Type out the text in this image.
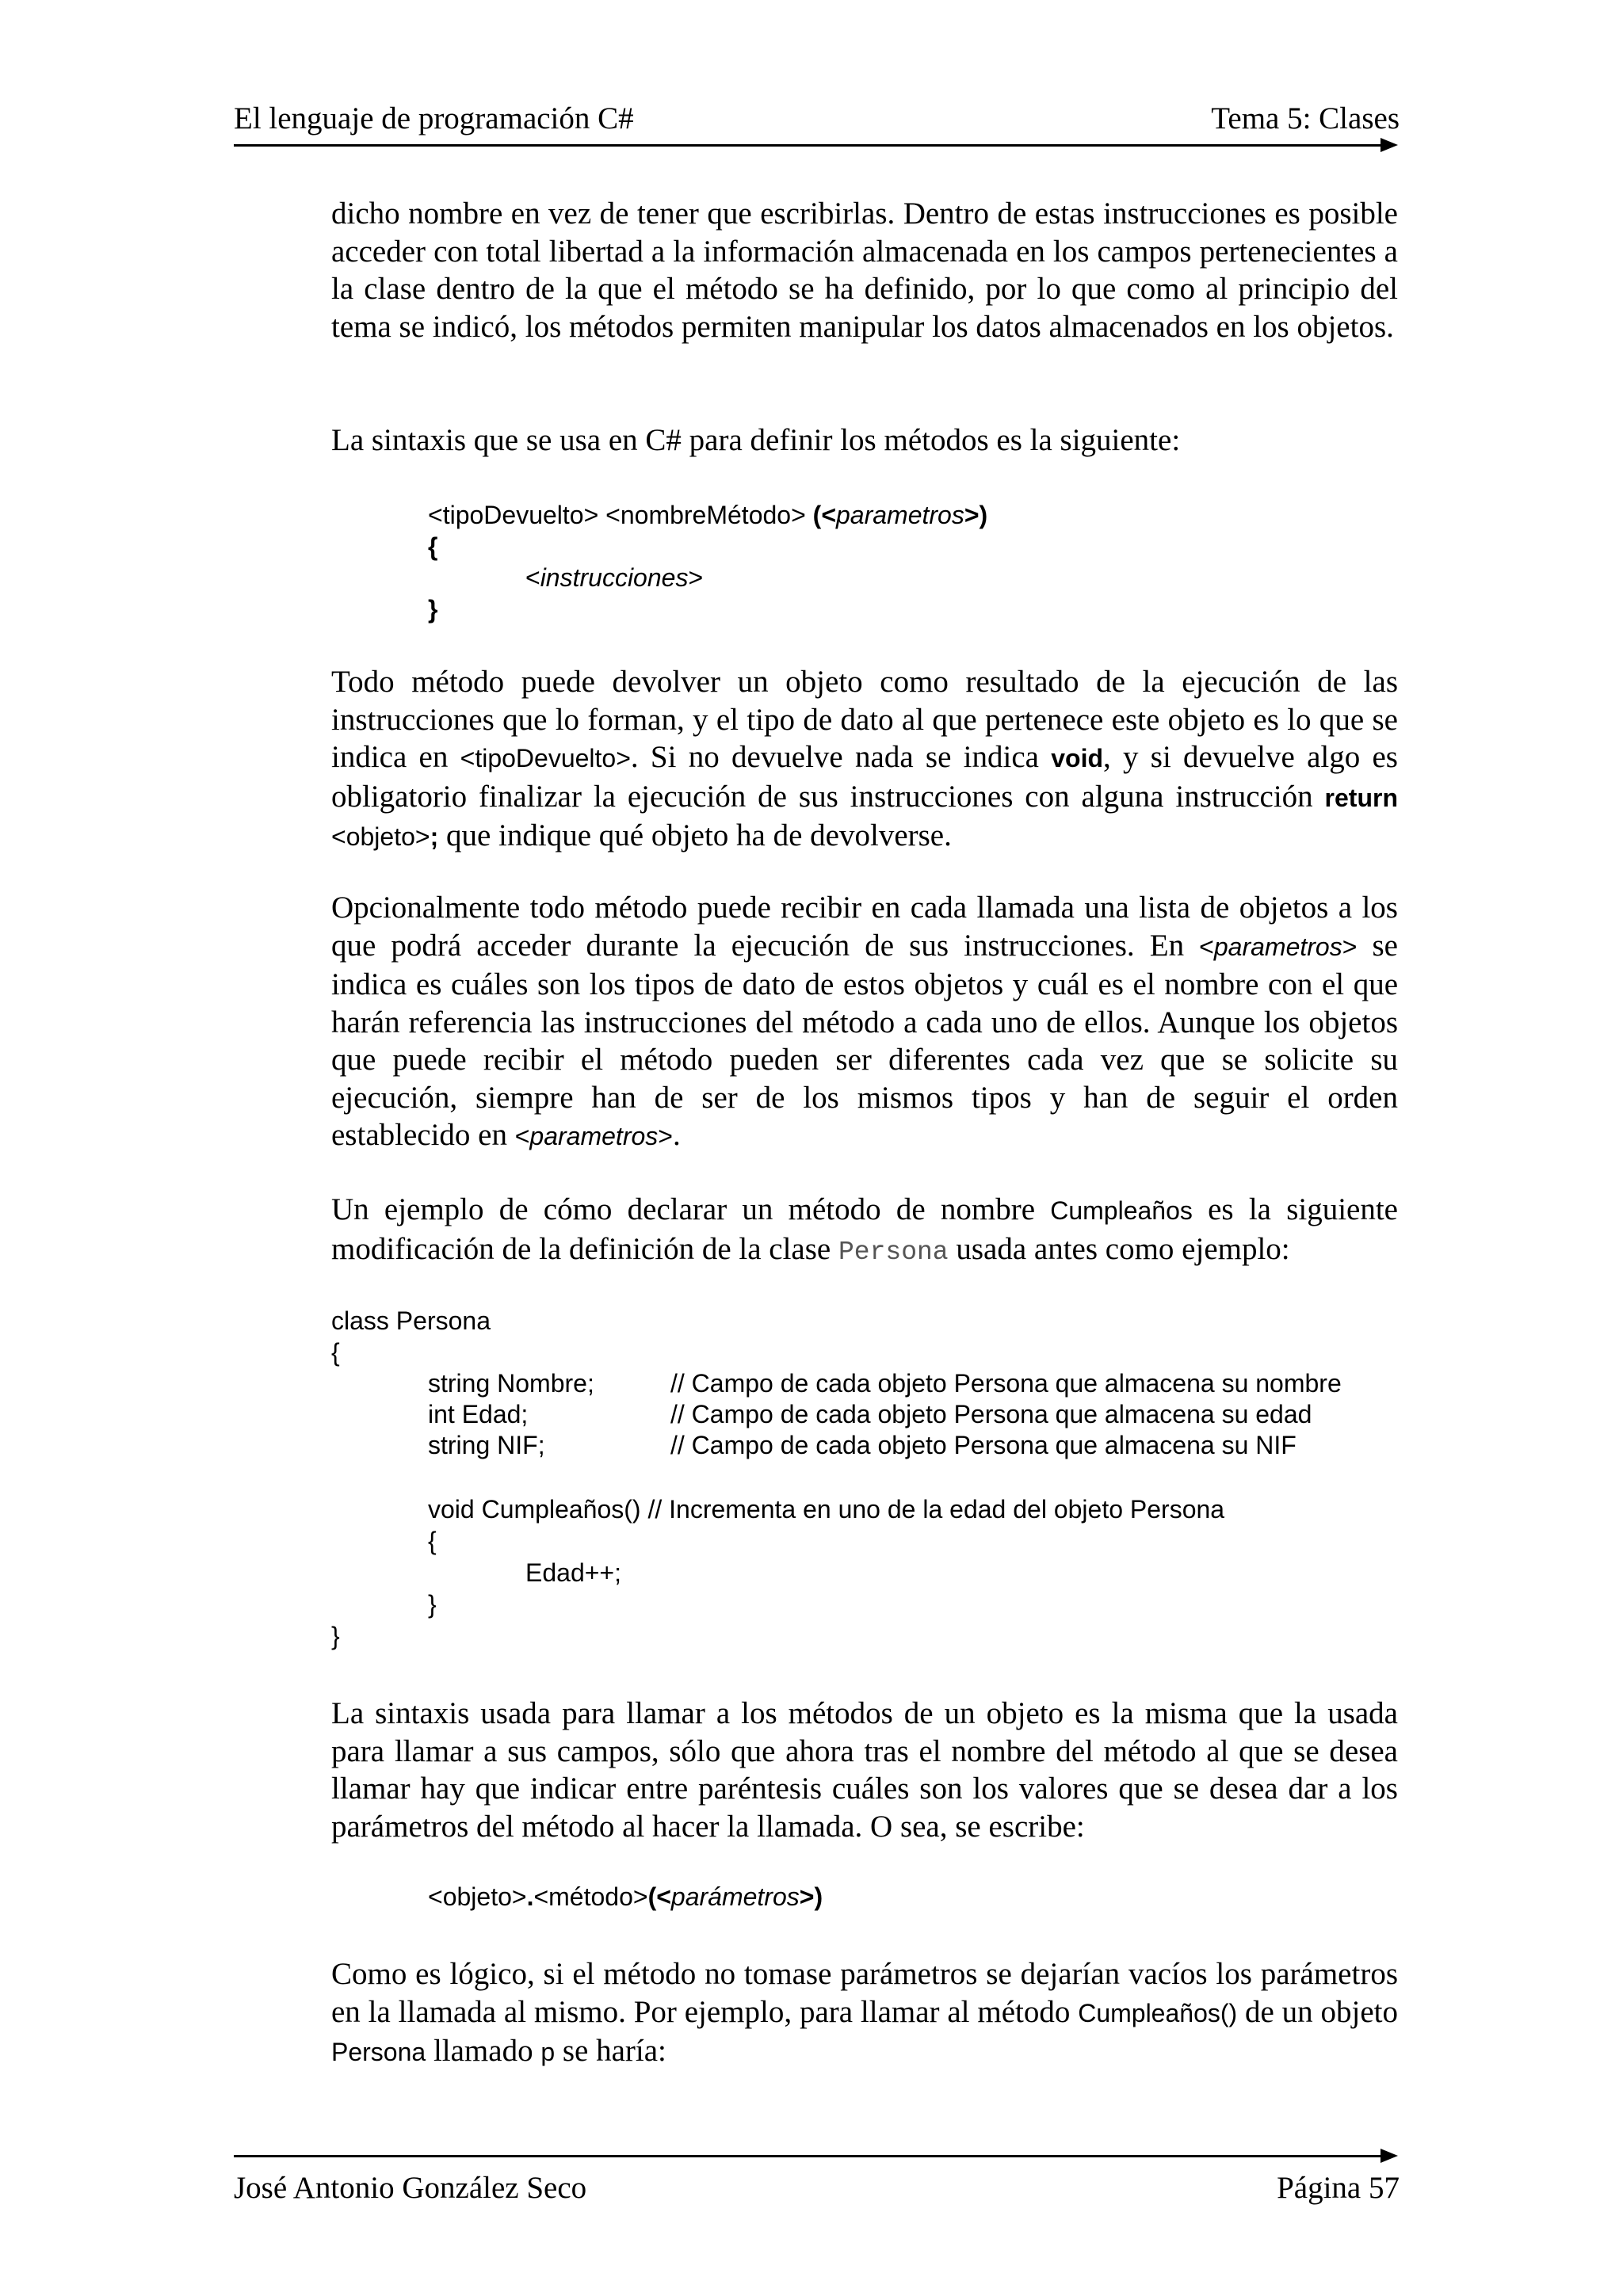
El lenguaje de programación C#	Tema 5: Clases

dicho nombre en vez de tener que escribirlas. Dentro de estas instrucciones es posible acceder con total libertad a la información almacenada en los campos pertenecientes a la clase dentro de la que el método se ha definido, por lo que como al principio del tema se indicó, los métodos permiten manipular los datos almacenados en los objetos.

La sintaxis que se usa en C# para definir los métodos es la siguiente:

<tipoDevuelto> <nombreMétodo> (<parametros>)
{
<instrucciones>
}

Todo método puede devolver un objeto como resultado de la ejecución de las instrucciones que lo forman, y el tipo de dato al que pertenece este objeto es lo que se indica en <tipoDevuelto>. Si no devuelve nada se indica void, y si devuelve algo es obligatorio finalizar la ejecución de sus instrucciones con alguna instrucción return <objeto>; que indique qué objeto ha de devolverse.

Opcionalmente todo método puede recibir en cada llamada una lista de objetos a los que podrá acceder durante la ejecución de sus instrucciones. En <parametros> se indica es cuáles son los tipos de dato de estos objetos y cuál es el nombre con el que harán referencia las instrucciones del método a cada uno de ellos. Aunque los objetos que puede recibir el método pueden ser diferentes cada vez que se solicite su ejecución, siempre han de ser de los mismos tipos y han de seguir el orden establecido en <parametros>.

Un ejemplo de cómo declarar un método de nombre Cumpleaños es la siguiente modificación de la definición de la clase Persona usada antes como ejemplo:

class Persona
{
string Nombre;	// Campo de cada objeto Persona que almacena su nombre
int Edad;	// Campo de cada objeto Persona que almacena su edad
string NIF;	// Campo de cada objeto Persona que almacena su NIF
void Cumpleaños() // Incrementa en uno de la edad del objeto Persona
{
Edad++;
}
}

La sintaxis usada para llamar a los métodos de un objeto es la misma que la usada para llamar a sus campos, sólo que ahora tras el nombre del método al que se desea llamar hay que indicar entre paréntesis cuáles son los valores que se desea dar a los parámetros del método al hacer la llamada. O sea, se escribe:

<objeto>.<método>(<parámetros>)

Como es lógico, si el método no tomase parámetros se dejarían vacíos los parámetros en la llamada al mismo. Por ejemplo, para llamar al método Cumpleaños() de un objeto Persona llamado p se haría:

José Antonio González Seco	Página 57
